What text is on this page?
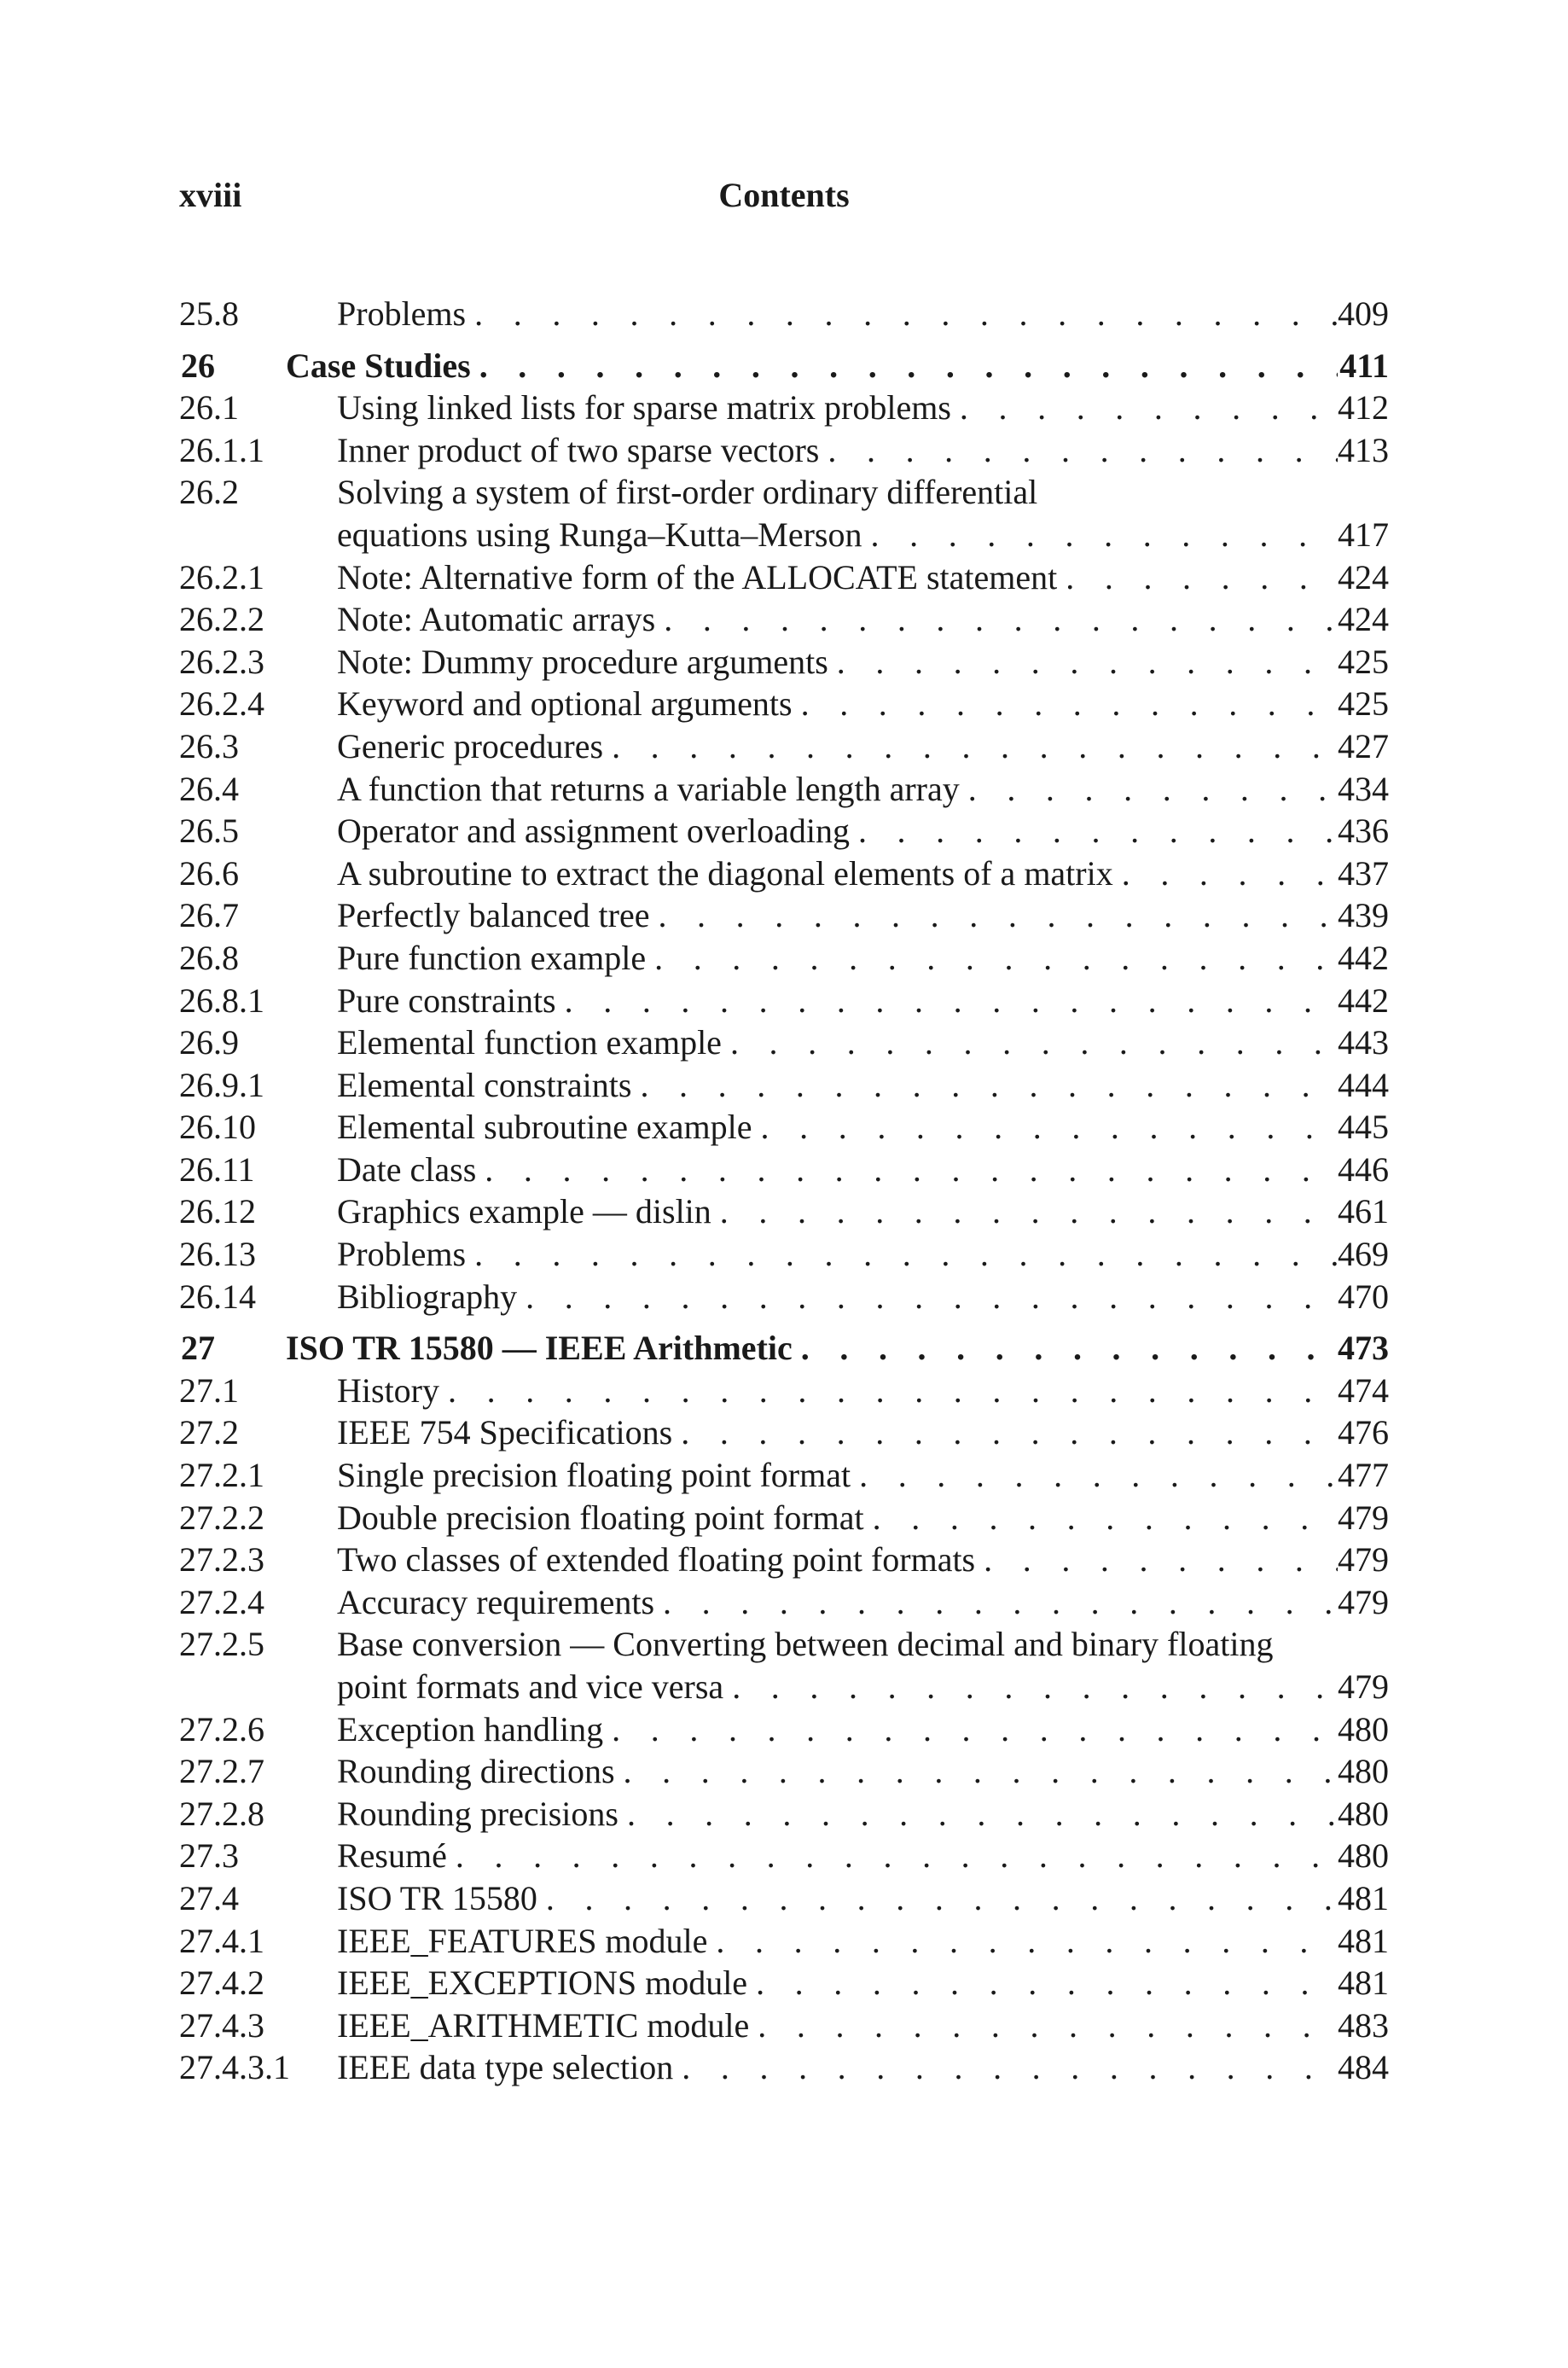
xviii	Contents
25.8	Problems . . .	409
26 Case Studies . . .	411
26.1	Using linked lists for sparse matrix problems . . .	412
26.1.1 Inner product of two sparse vectors . . .	413
26.2	Solving a system of first-order ordinary differential
equations using Runga–Kutta–Merson . . .	417
26.2.1 Note: Alternative form of the ALLOCATE statement . . .	424
26.2.2 Note: Automatic arrays . . .	424
26.2.3 Note: Dummy procedure arguments . . .	425
26.2.4 Keyword and optional arguments . . .	425
26.3	Generic procedures . . .	427
26.4	A function that returns a variable length array . . .	434
26.5	Operator and assignment overloading . . .	436
26.6	A subroutine to extract the diagonal elements of a matrix . . .	437
26.7	Perfectly balanced tree . . .	439
26.8	Pure function example . . .	442
26.8.1 Pure constraints . . .	442
26.9	Elemental function example . . .	443
26.9.1 Elemental constraints . . .	444
26.10 Elemental subroutine example . . .	445
26.11 Date class . . .	446
26.12 Graphics example — dislin . . .	461
26.13 Problems . . .	469
26.14 Bibliography . . .	470
27 ISO TR 15580 — IEEE Arithmetic . . .	473
27.1	History . . .	474
27.2	IEEE 754 Specifications . . .	476
27.2.1 Single precision floating point format . . .	477
27.2.2 Double precision floating point format . . .	479
27.2.3 Two classes of extended floating point formats . . .	479
27.2.4 Accuracy requirements . . .	479
27.2.5 Base conversion — Converting between decimal and binary floating
point formats and vice versa . . .	479
27.2.6 Exception handling . . .	480
27.2.7 Rounding directions . . .	480
27.2.8 Rounding precisions . . .	480
27.3	Resumé . . .	480
27.4	ISO TR 15580 . . .	481
27.4.1 IEEE_FEATURES module . . .	481
27.4.2 IEEE_EXCEPTIONS module . . .	481
27.4.3 IEEE_ARITHMETIC module . . .	483
27.4.3.1 IEEE data type selection . . .	484
